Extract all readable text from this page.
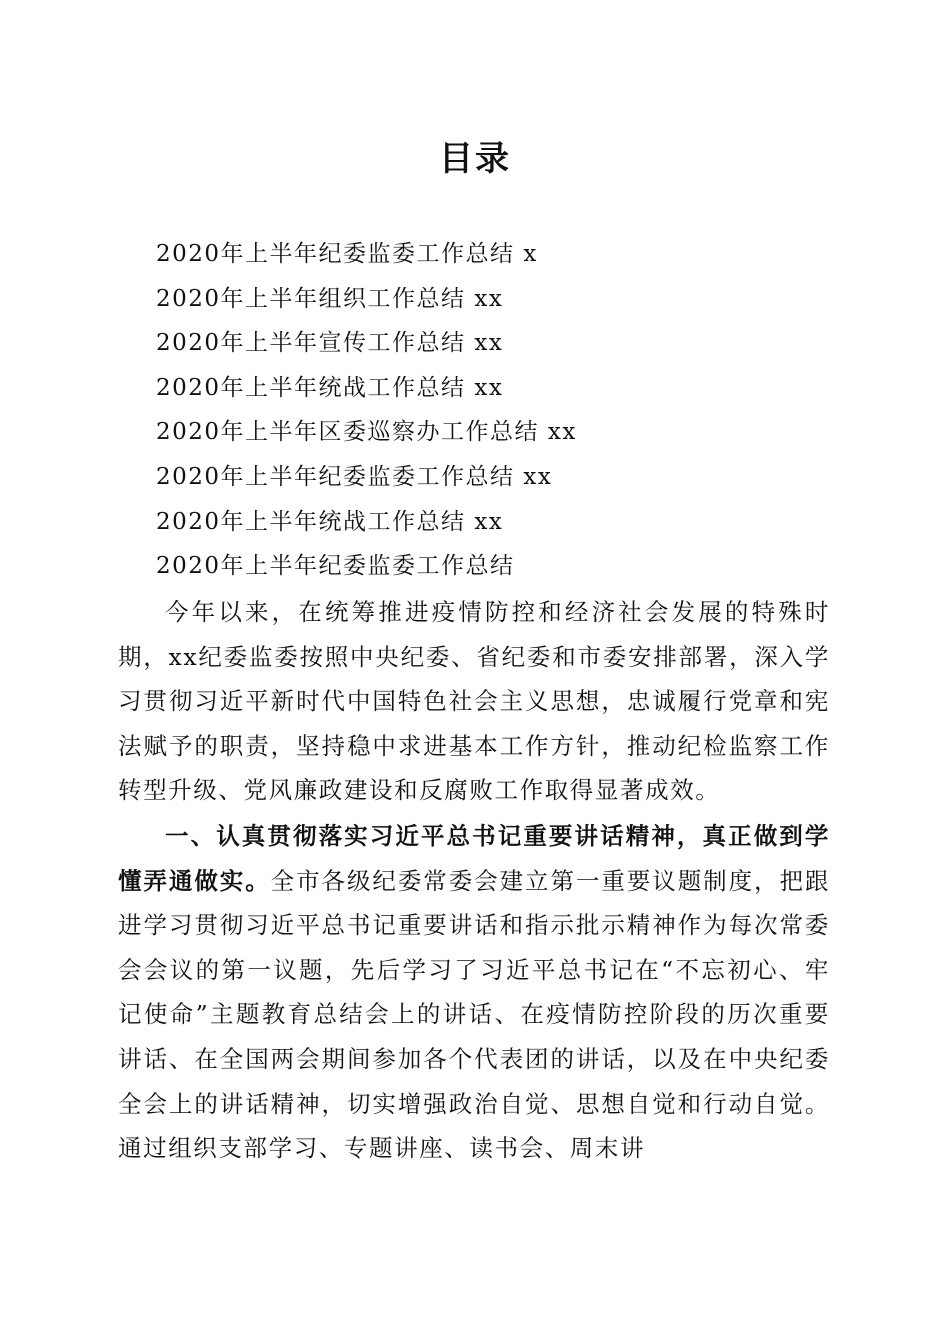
目录
2020年上半年纪委监委工作总结 x
2020年上半年组织工作总结 xx
2020年上半年宣传工作总结 xx
2020年上半年统战工作总结 xx
2020年上半年区委巡察办工作总结 xx
2020年上半年纪委监委工作总结 xx
2020年上半年统战工作总结 xx
2020年上半年纪委监委工作总结

今年以来，在统筹推进疫情防控和经济社会发展的特殊时期，xx纪委监委按照中央纪委、省纪委和市委安排部署，深入学习贯彻习近平新时代中国特色社会主义思想，忠诚履行党章和宪法赋予的职责，坚持稳中求进基本工作方针，推动纪检监察工作转型升级、党风廉政建设和反腐败工作取得显著成效。

一、认真贯彻落实习近平总书记重要讲话精神，真正做到学懂弄通做实。全市各级纪委常委会建立第一重要议题制度，把跟进学习贯彻习近平总书记重要讲话和指示批示精神作为每次常委会会议的第一议题，先后学习了习近平总书记在“不忘初心、牢记使命”主题教育总结会上的讲话、在疫情防控阶段的历次重要讲话、在全国两会期间参加各个代表团的讲话，以及在中央纪委全会上的讲话精神，切实增强政治自觉、思想自觉和行动自觉。通过组织支部学习、专题讲座、读书会、周末讲
